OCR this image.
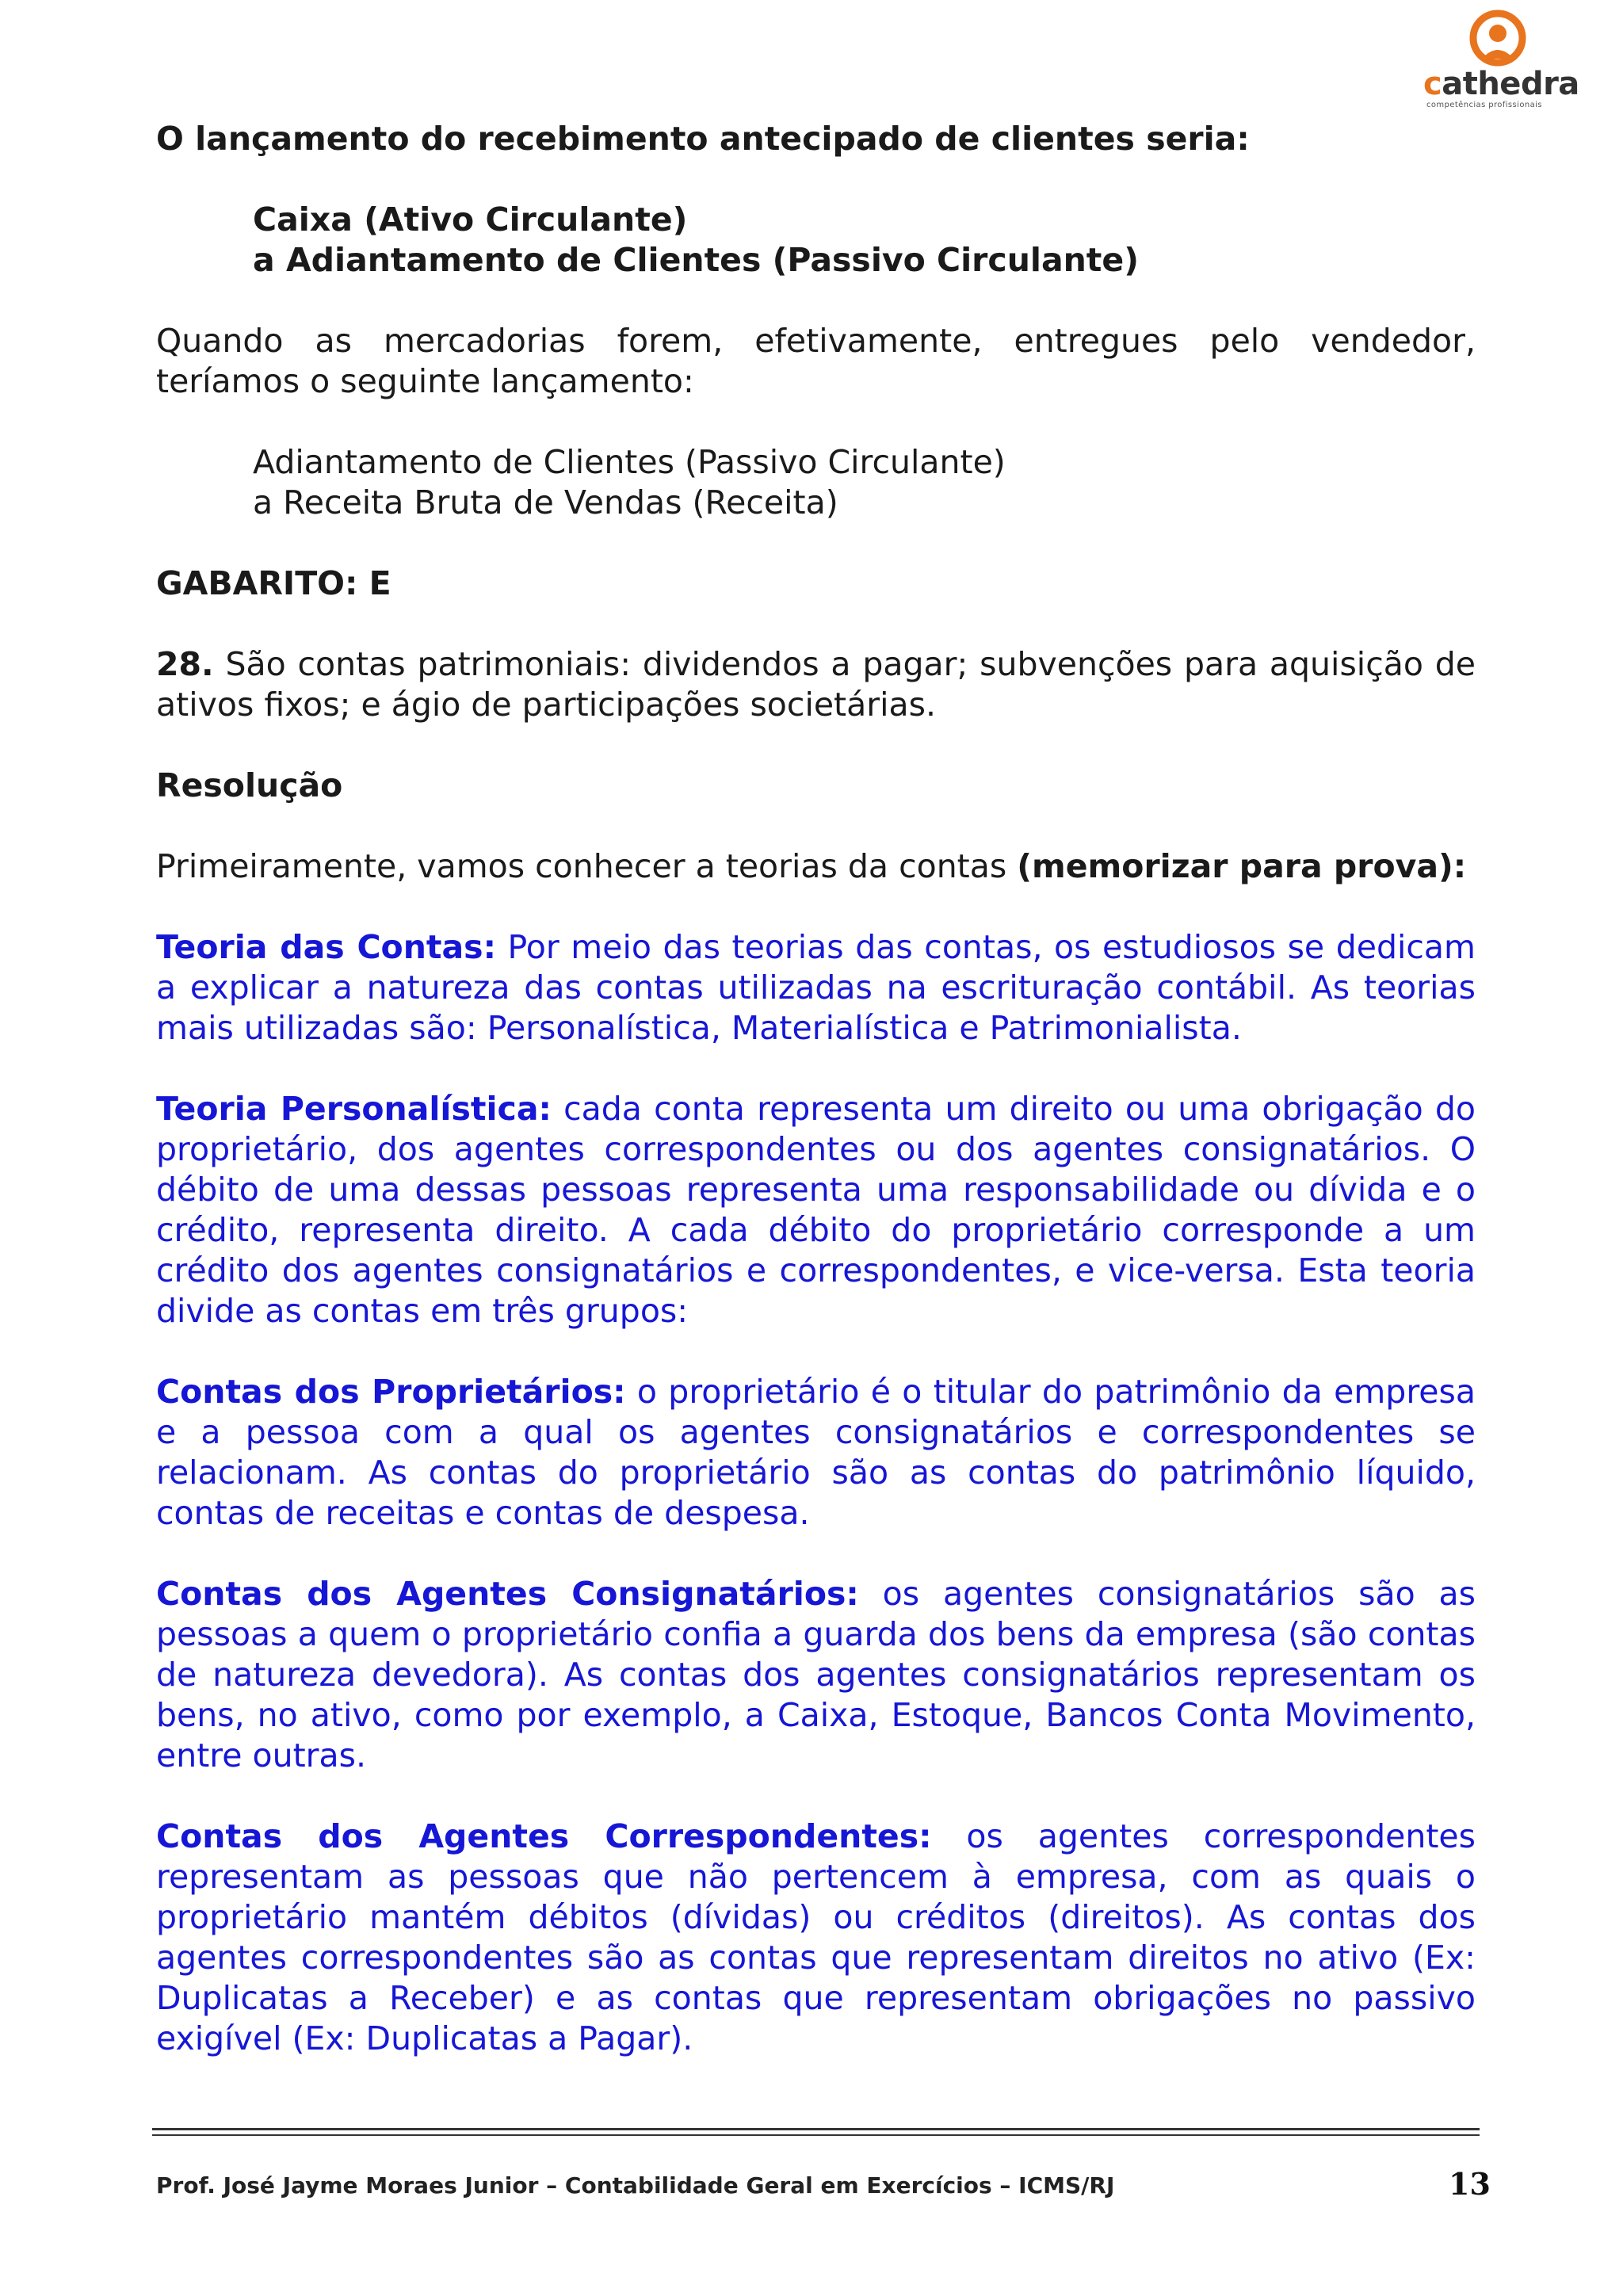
cathedra
competências profissionais

O lançamento do recebimento antecipado de clientes seria:

Caixa (Ativo Circulante)

a Adiantamento de Clientes (Passivo Circulante)

Quando as mercadorias forem, efetivamente, entregues pelo vendedor, teríamos o seguinte lançamento:

Adiantamento de Clientes (Passivo Circulante)

a Receita Bruta de Vendas (Receita)

GABARITO: E

28. São contas patrimoniais: dividendos a pagar; subvenções para aquisição de ativos fixos; e ágio de participações societárias.

Resolução

Primeiramente, vamos conhecer a teorias da contas (memorizar para prova):

Teoria das Contas: Por meio das teorias das contas, os estudiosos se dedicam a explicar a natureza das contas utilizadas na escrituração contábil. As teorias mais utilizadas são: Personalística, Materialística e Patrimonialista.

Teoria Personalística: cada conta representa um direito ou uma obrigação do proprietário, dos agentes correspondentes ou dos agentes consignatários. O débito de uma dessas pessoas representa uma responsabilidade ou dívida e o crédito, representa direito. A cada débito do proprietário corresponde a um crédito dos agentes consignatários e correspondentes, e vice-versa. Esta teoria divide as contas em três grupos:

Contas dos Proprietários: o proprietário é o titular do patrimônio da empresa e a pessoa com a qual os agentes consignatários e correspondentes se relacionam. As contas do proprietário são as contas do patrimônio líquido, contas de receitas e contas de despesa.

Contas dos Agentes Consignatários: os agentes consignatários são as pessoas a quem o proprietário confia a guarda dos bens da empresa (são contas de natureza devedora). As contas dos agentes consignatários representam os bens, no ativo, como por exemplo, a Caixa, Estoque, Bancos Conta Movimento, entre outras.

Contas dos Agentes Correspondentes: os agentes correspondentes representam as pessoas que não pertencem à empresa, com as quais o proprietário mantém débitos (dívidas) ou créditos (direitos). As contas dos agentes correspondentes são as contas que representam direitos no ativo (Ex: Duplicatas a Receber) e as contas que representam obrigações no passivo exigível (Ex: Duplicatas a Pagar).

Prof. José Jayme Moraes Junior – Contabilidade Geral em Exercícios – ICMS/RJ	13
